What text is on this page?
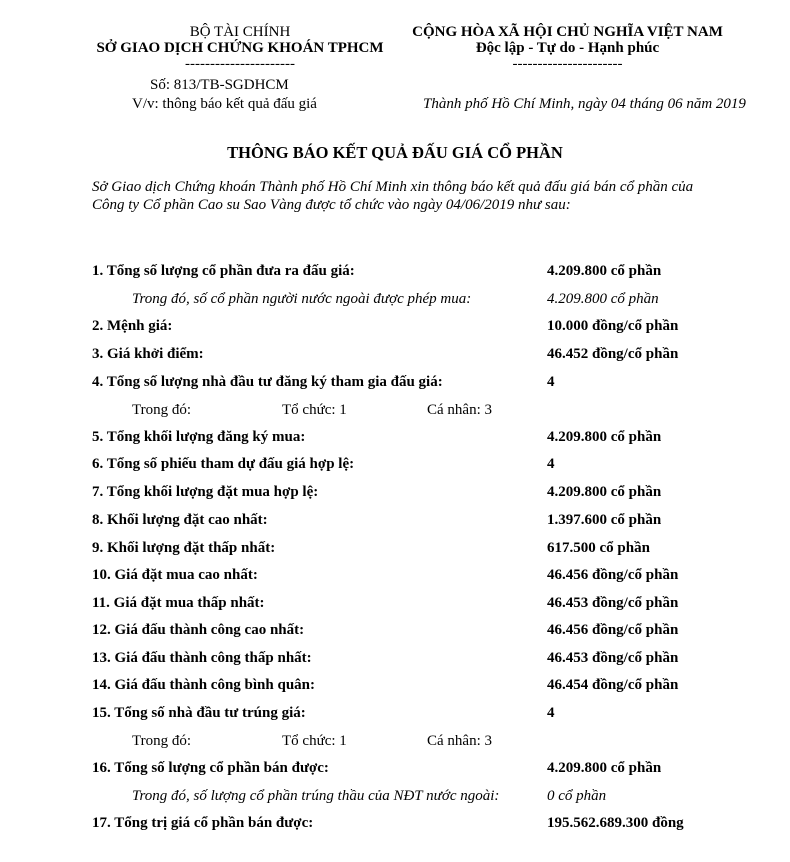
BỘ TÀI CHÍNH
SỞ GIAO DỊCH CHỨNG KHOÁN TPHCM
----------------------
Số: 813/TB-SGDHCM
V/v: thông báo kết quả đấu giá
CỘNG HÒA XÃ HỘI CHỦ NGHĨA VIỆT NAM
Độc lập - Tự do - Hạnh phúc
----------------------
Thành phố Hồ Chí Minh, ngày 04 tháng 06 năm 2019
THÔNG BÁO KẾT QUẢ ĐẤU GIÁ CỔ PHẦN
Sở Giao dịch Chứng khoán Thành phố Hồ Chí Minh xin thông báo kết quả đấu giá bán cổ phần của
Công ty Cổ phần Cao su Sao Vàng được tổ chức vào ngày 04/06/2019 như sau:
1. Tổng số lượng cổ phần đưa ra đấu giá:	4.209.800 cổ phần
Trong đó, số cổ phần người nước ngoài được phép mua:	4.209.800 cổ phần
2. Mệnh giá:	10.000 đồng/cổ phần
3. Giá khởi điểm:	46.452 đồng/cổ phần
4. Tổng số lượng nhà đầu tư đăng ký tham gia đấu giá:	4
Trong đó:	Tổ chức: 1	Cá nhân: 3
5. Tổng khối lượng đăng ký mua:	4.209.800 cổ phần
6. Tổng số phiếu tham dự đấu giá hợp lệ:	4
7. Tổng khối lượng đặt mua hợp lệ:	4.209.800 cổ phần
8. Khối lượng đặt cao nhất:	1.397.600 cổ phần
9. Khối lượng đặt thấp nhất:	617.500 cổ phần
10. Giá đặt mua cao nhất:	46.456 đồng/cổ phần
11. Giá đặt mua thấp nhất:	46.453 đồng/cổ phần
12. Giá đấu thành công cao nhất:	46.456 đồng/cổ phần
13. Giá đấu thành công thấp nhất:	46.453 đồng/cổ phần
14. Giá đấu thành công bình quân:	46.454 đồng/cổ phần
15. Tổng số nhà đầu tư trúng giá:	4
Trong đó:	Tổ chức: 1	Cá nhân: 3
16. Tổng số lượng cổ phần bán được:	4.209.800 cổ phần
Trong đó, số lượng cổ phần trúng thầu của NĐT nước ngoài:	0 cổ phần
17. Tổng trị giá cổ phần bán được:	195.562.689.300 đồng
